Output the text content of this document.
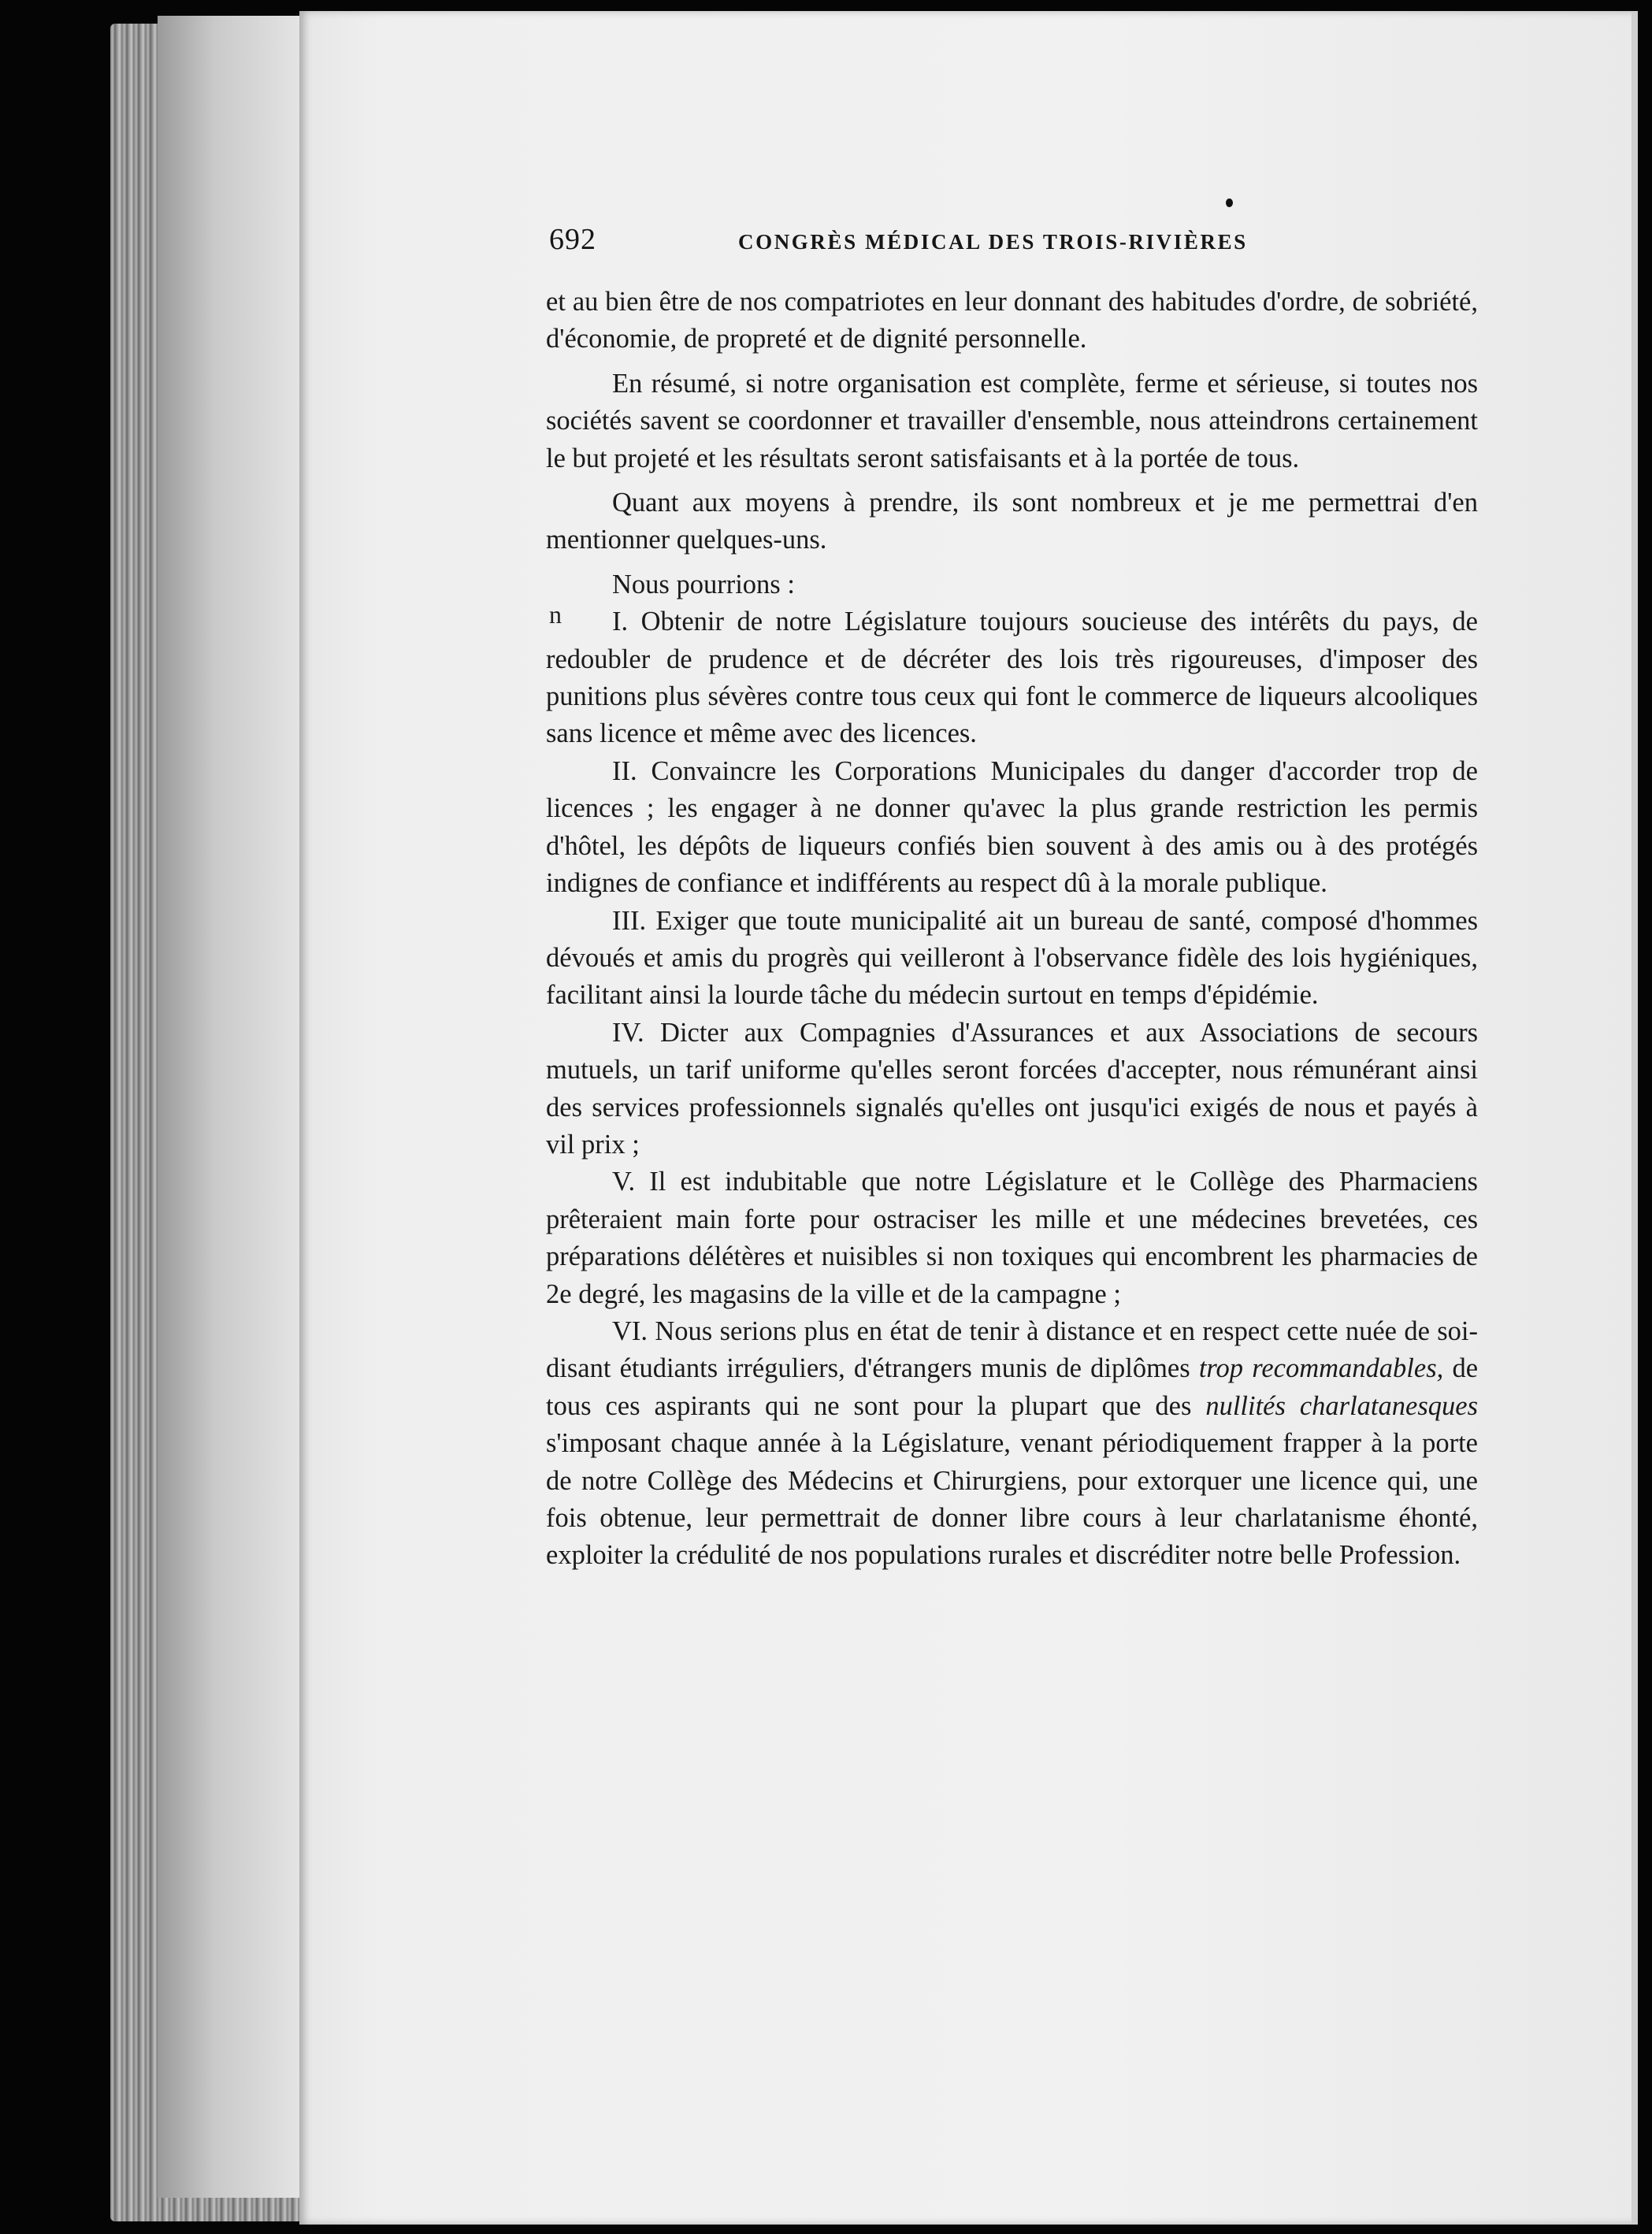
692	CONGRÈS MÉDICAL DES TROIS-RIVIÈRES
n

et au bien être de nos compatriotes en leur donnant des habitudes d'ordre, de sobriété, d'économie, de propreté et de dignité personnelle.

En résumé, si notre organisation est complète, ferme et sérieuse, si toutes nos sociétés savent se coordonner et travailler d'ensemble, nous atteindrons certainement le but projeté et les résultats seront satisfaisants et à la portée de tous.

Quant aux moyens à prendre, ils sont nombreux et je me permettrai d'en mentionner quelques-uns.

Nous pourrions :

I. Obtenir de notre Législature toujours soucieuse des intérêts du pays, de redoubler de prudence et de décréter des lois très rigoureuses, d'imposer des punitions plus sévères contre tous ceux qui font le commerce de liqueurs alcooliques sans licence et même avec des licences.

II. Convaincre les Corporations Municipales du danger d'accorder trop de licences ; les engager à ne donner qu'avec la plus grande restriction les permis d'hôtel, les dépôts de liqueurs confiés bien souvent à des amis ou à des protégés indignes de confiance et indifférents au respect dû à la morale publique.

III. Exiger que toute municipalité ait un bureau de santé, composé d'hommes dévoués et amis du progrès qui veilleront à l'observance fidèle des lois hygiéniques, facilitant ainsi la lourde tâche du médecin surtout en temps d'épidémie.

IV. Dicter aux Compagnies d'Assurances et aux Associations de secours mutuels, un tarif uniforme qu'elles seront forcées d'accepter, nous rémunérant ainsi des services professionnels signalés qu'elles ont jusqu'ici exigés de nous et payés à vil prix ;

V. Il est indubitable que notre Législature et le Collège des Pharmaciens prêteraient main forte pour ostraciser les mille et une médecines brevetées, ces préparations délétères et nuisibles si non toxiques qui encombrent les pharmacies de 2e degré, les magasins de la ville et de la campagne ;

VI. Nous serions plus en état de tenir à distance et en respect cette nuée de soi-disant étudiants irréguliers, d'étrangers munis de diplômes trop recommandables, de tous ces aspirants qui ne sont pour la plupart que des nullités charlatanesques s'imposant chaque année à la Législature, venant périodiquement frapper à la porte de notre Collège des Médecins et Chirurgiens, pour extorquer une licence qui, une fois obtenue, leur permettrait de donner libre cours à leur charlatanisme éhonté, exploiter la crédulité de nos populations rurales et discréditer notre belle Profession.
